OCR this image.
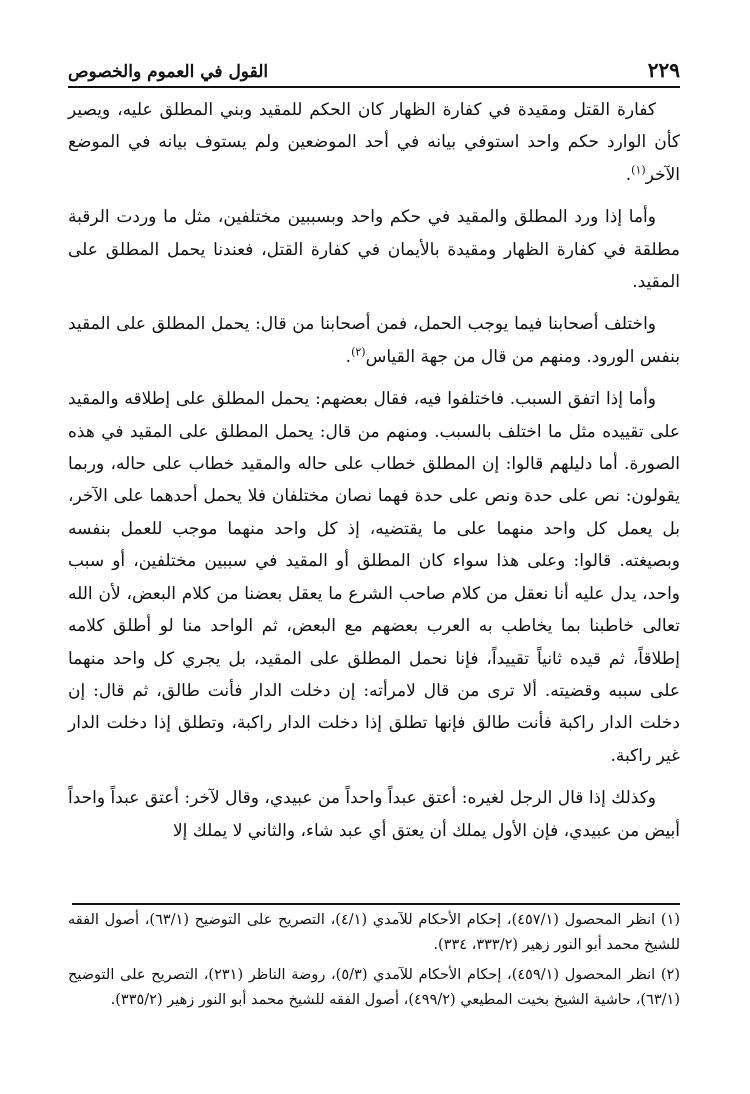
القول في العموم والخصوص	٢٢٩

كفارة القتل ومقيدة في كفارة الظهار كان الحكم للمقيد وبني المطلق عليه، ويصير كأن الوارد حكم واحد استوفي بيانه في أحد الموضعين ولم يستوف بيانه في الموضع الآخر$^{(١)}$.

وأما إذا ورد المطلق والمقيد في حكم واحد وبسببين مختلفين، مثل ما وردت الرقبة مطلقة في كفارة الظهار ومقيدة بالأيمان في كفارة القتل، فعندنا يحمل المطلق على المقيد.

واختلف أصحابنا فيما يوجب الحمل، فمن أصحابنا من قال: يحمل المطلق على المقيد بنفس الورود. ومنهم من قال من جهة القياس$^{(٢)}$.

وأما إذا اتفق السبب. فاختلفوا فيه، فقال بعضهم: يحمل المطلق على إطلاقه والمقيد على تقييده مثل ما اختلف بالسبب. ومنهم من قال: يحمل المطلق على المقيد في هذه الصورة. أما دليلهم قالوا: إن المطلق خطاب على حاله والمقيد خطاب على حاله، وربما يقولون: نص على حدة ونص على حدة فهما نصان مختلفان فلا يحمل أحدهما على الآخر، بل يعمل كل واحد منهما على ما يقتضيه، إذ كل واحد منهما موجب للعمل بنفسه وبصيغته. قالوا: وعلى هذا سواء كان المطلق أو المقيد في سببين مختلفين، أو سبب واحد، يدل عليه أنا نعقل من كلام صاحب الشرع ما يعقل بعضنا من كلام البعض، لأن الله تعالى خاطبنا بما يخاطب به العرب بعضهم مع البعض، ثم الواحد منا لو أطلق كلامه إطلاقاً، ثم قيده ثانياً تقييداً، فإنا نحمل المطلق على المقيد، بل يجري كل واحد منهما على سببه وقضيته. ألا ترى من قال لامرأته: إن دخلت الدار فأنت طالق، ثم قال: إن دخلت الدار راكبة فأنت طالق فإنها تطلق إذا دخلت الدار راكبة، وتطلق إذا دخلت الدار غير راكبة.

وكذلك إذا قال الرجل لغيره: أعتق عبداً واحداً من عبيدي، وقال لآخر: أعتق عبداً واحداً أبيض من عبيدي، فإن الأول يملك أن يعتق أي عبد شاء، والثاني لا يملك إلا

(١) انظر المحصول (٤٥٧/١)، إحكام الأحكام للآمدي (٤/١)، التصريح على التوضيح (٦٣/١)، أصول الفقه للشيخ محمد أبو النور زهير (٣٣٣/٢، ٣٣٤).
(٢) انظر المحصول (٤٥٩/١)، إحكام الأحكام للآمدي (٥/٣)، روضة الناظر (٢٣١)، التصريح على التوضيح (٦٣/١)، حاشية الشيخ بخيت المطيعي (٤٩٩/٢)، أصول الفقه للشيخ محمد أبو النور زهير (٣٣٥/٢).
